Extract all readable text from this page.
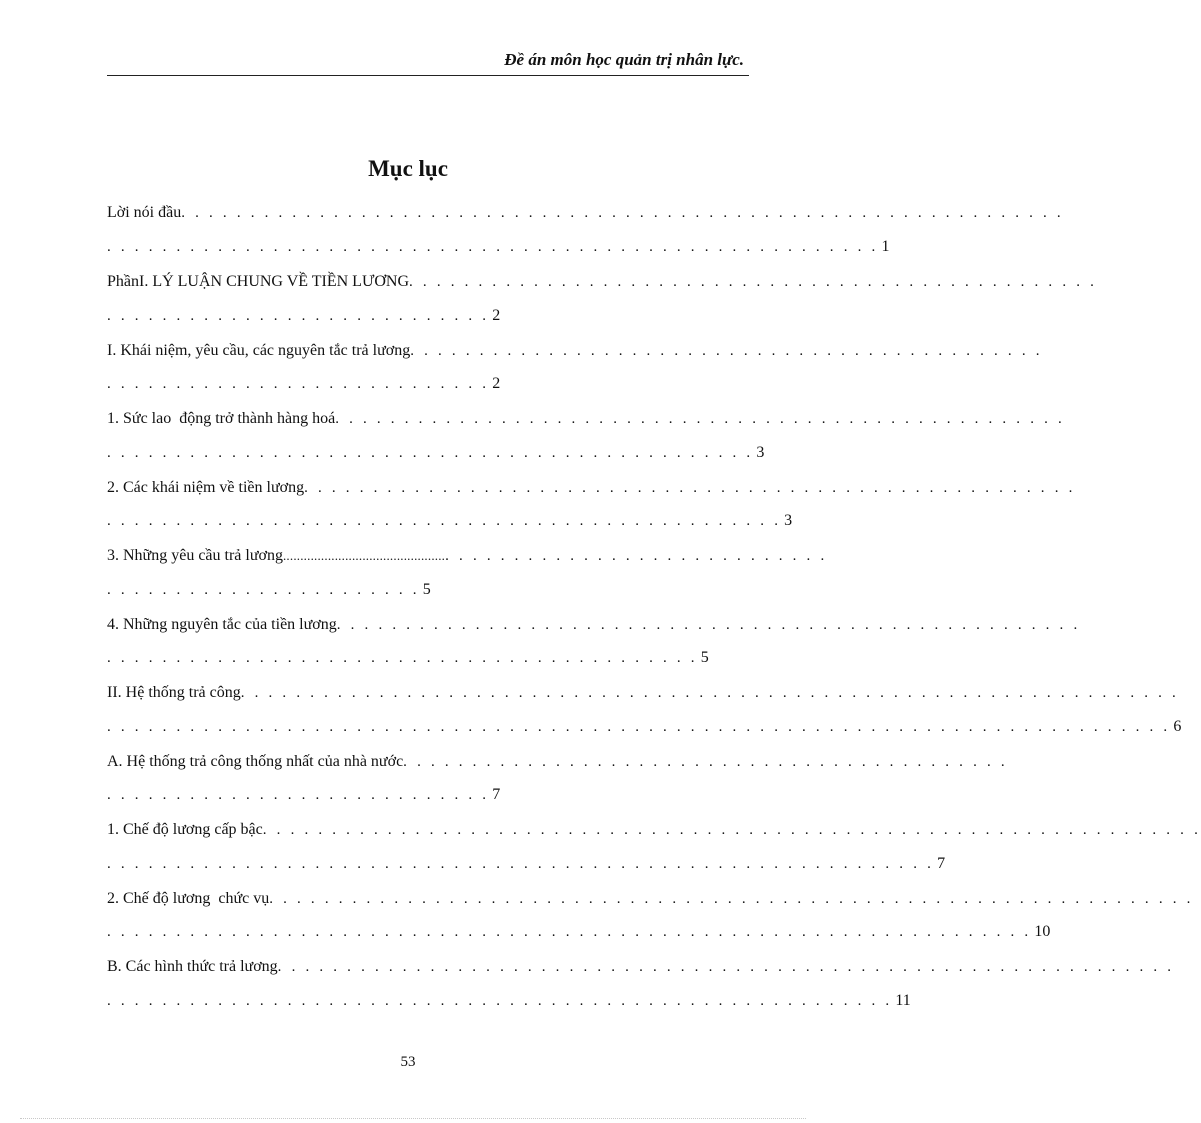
Đề án môn học quản trị nhân lực.
Mục lục
Lời nói đầu. . . . . . . . . . . . . . . . . . . . . . . . . . . . . . . . . . . . . . . . . . . . . . . . . . . . . . . . . . . . . . . .
. . . . . . . . . . . . . . . . . . . . . . . . . . . . . . . . . . . . . . . . . . . . . . . . . . . . . . . . 1
PhầnI. LÝ LUẬN CHUNG VỀ TIỀN LƯƠNG. . . . . . . . . . . . . . . . . . . . . . . . . . . . . . . . . . . . . . . . . . . . . . . . . .
. . . . . . . . . . . . . . . . . . . . . . . . . . . . 2
I. Khái niệm, yêu cầu, các nguyên tắc trả lương. . . . . . . . . . . . . . . . . . . . . . . . . . . . . . . . . . . . . . . . . . . . . .
. . . . . . . . . . . . . . . . . . . . . . . . . . . . 2
1. Sức lao  động trở thành hàng hoá. . . . . . . . . . . . . . . . . . . . . . . . . . . . . . . . . . . . . . . . . . . . . . . . . . . . .
. . . . . . . . . . . . . . . . . . . . . . . . . . . . . . . . . . . . . . . . . . . . . . . 3
2. Các khái niệm về tiền lương. . . . . . . . . . . . . . . . . . . . . . . . . . . . . . . . . . . . . . . . . . . . . . . . . . . . . . . .
. . . . . . . . . . . . . . . . . . . . . . . . . . . . . . . . . . . . . . . . . . . . . . . . . 3
3. Những yêu cầu trả lương................................................ . . . . . . . . . . . . . . . . . . . . . . . . . . .
. . . . . . . . . . . . . . . . . . . . . . . 5
4. Những nguyên tắc của tiền lương. . . . . . . . . . . . . . . . . . . . . . . . . . . . . . . . . . . . . . . . . . . . . . . . . . . . . .
. . . . . . . . . . . . . . . . . . . . . . . . . . . . . . . . . . . . . . . . . . . 5
II. Hệ thống trả công. . . . . . . . . . . . . . . . . . . . . . . . . . . . . . . . . . . . . . . . . . . . . . . . . . . . . . . . . . . . . . . . . . . .
. . . . . . . . . . . . . . . . . . . . . . . . . . . . . . . . . . . . . . . . . . . . . . . . . . . . . . . . . . . . . . . . . . . . . . . . . . . . . 6
A. Hệ thống trả công thống nhất của nhà nước. . . . . . . . . . . . . . . . . . . . . . . . . . . . . . . . . . . . . . . . . . . .
. . . . . . . . . . . . . . . . . . . . . . . . . . . . 7
1. Chế độ lương cấp bậc. . . . . . . . . . . . . . . . . . . . . . . . . . . . . . . . . . . . . . . . . . . . . . . . . . . . . . . . . . . . . . . . . . . .
. . . . . . . . . . . . . . . . . . . . . . . . . . . . . . . . . . . . . . . . . . . . . . . . . . . . . . . . . . . . 7
2. Chế độ lương  chức vụ. . . . . . . . . . . . . . . . . . . . . . . . . . . . . . . . . . . . . . . . . . . . . . . . . . . . . . . . . . . . . . . . . . .
. . . . . . . . . . . . . . . . . . . . . . . . . . . . . . . . . . . . . . . . . . . . . . . . . . . . . . . . . . . . . . . . . . . 10
B. Các hình thức trả lương. . . . . . . . . . . . . . . . . . . . . . . . . . . . . . . . . . . . . . . . . . . . . . . . . . . . . . . . . . . . . . . . .
. . . . . . . . . . . . . . . . . . . . . . . . . . . . . . . . . . . . . . . . . . . . . . . . . . . . . . . . . 11
53
